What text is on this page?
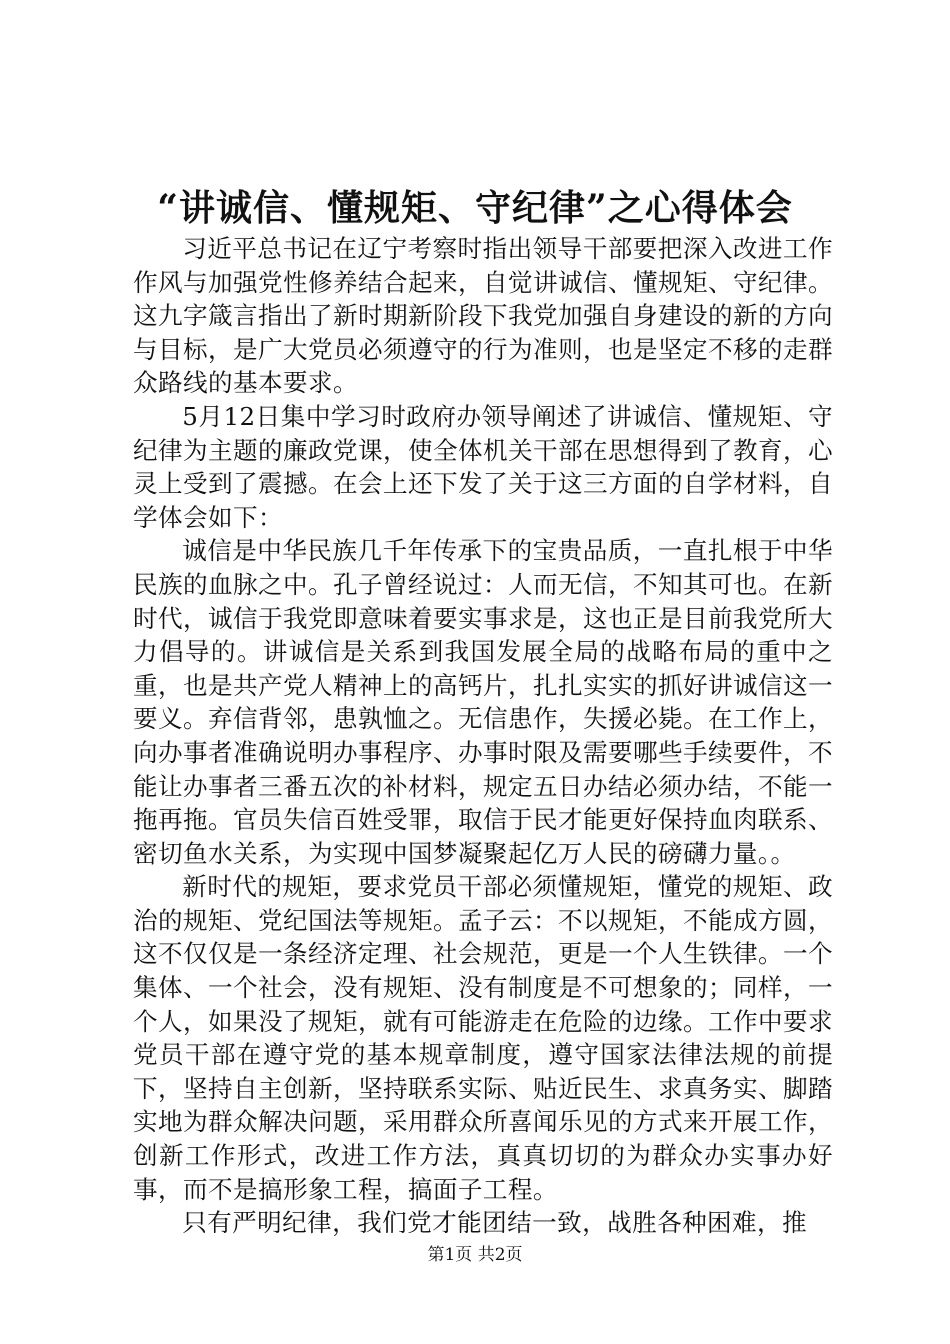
“讲诚信、懂规矩、守纪律”之心得体会

习近平总书记在辽宁考察时指出领导干部要把深入改进工作作风与加强党性修养结合起来，自觉讲诚信、懂规矩、守纪律。这九字箴言指出了新时期新阶段下我党加强自身建设的新的方向与目标，是广大党员必须遵守的行为准则，也是坚定不移的走群众路线的基本要求。

5月12日集中学习时政府办领导阐述了讲诚信、懂规矩、守纪律为主题的廉政党课，使全体机关干部在思想得到了教育，心灵上受到了震撼。在会上还下发了关于这三方面的自学材料，自学体会如下：

诚信是中华民族几千年传承下的宝贵品质，一直扎根于中华民族的血脉之中。孔子曾经说过：人而无信，不知其可也。在新时代，诚信于我党即意味着要实事求是，这也正是目前我党所大力倡导的。讲诚信是关系到我国发展全局的战略布局的重中之重，也是共产党人精神上的高钙片，扎扎实实的抓好讲诚信这一要义。弃信背邻，患孰恤之。无信患作，失援必毙。在工作上，向办事者准确说明办事程序、办事时限及需要哪些手续要件，不能让办事者三番五次的补材料，规定五日办结必须办结，不能一拖再拖。官员失信百姓受罪，取信于民才能更好保持血肉联系、密切鱼水关系，为实现中国梦凝聚起亿万人民的磅礴力量。。

新时代的规矩，要求党员干部必须懂规矩，懂党的规矩、政治的规矩、党纪国法等规矩。孟子云：不以规矩，不能成方圆，这不仅仅是一条经济定理、社会规范，更是一个人生铁律。一个集体、一个社会，没有规矩、没有制度是不可想象的；同样，一个人，如果没了规矩，就有可能游走在危险的边缘。工作中要求党员干部在遵守党的基本规章制度，遵守国家法律法规的前提下，坚持自主创新，坚持联系实际、贴近民生、求真务实、脚踏实地为群众解决问题，采用群众所喜闻乐见的方式来开展工作，创新工作形式，改进工作方法，真真切切的为群众办实事办好事，而不是搞形象工程，搞面子工程。

只有严明纪律，我们党才能团结一致，战胜各种困难，推

第1页 共2页
